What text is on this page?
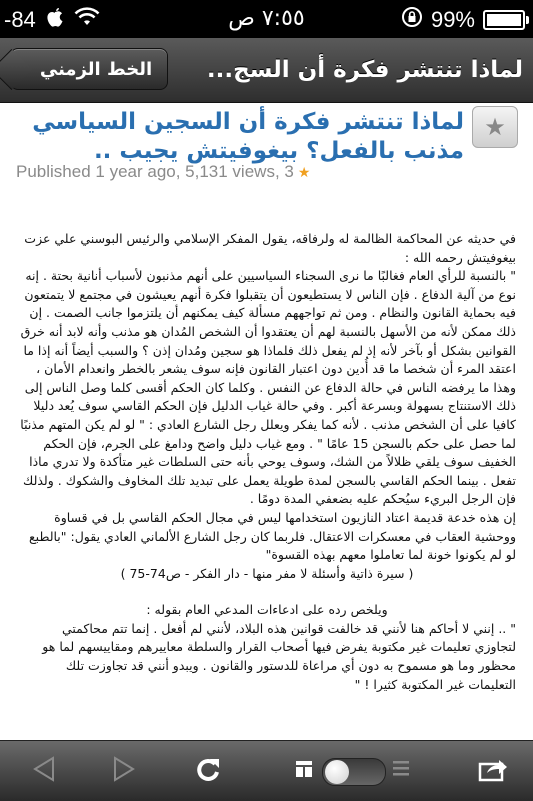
-84	٧:٥٥ ص	99%
الخط الزمني	لماذا تنتشر فكرة أن السج...
لماذا تنتشر فكرة أن السجين السياسي مذنب بالفعل؟ بيغوفيتش يجيب ..
★
Published 1 year ago, 5,131 views, 3 ★

في حديثه عن المحاكمة الظالمة له ولرفاقه، يقول المفكر الإسلامي والرئيس البوسني علي عزت بيغوفيتش رحمه الله :

" بالنسبة للرأي العام فغالبًا ما نرى السجناء السياسيين على أنهم مذنبون لأسباب أنانية بحتة . إنه نوع من آلية الدفاع . فإن الناس لا يستطيعون أن يتقبلوا فكرة أنهم يعيشون في مجتمع لا يتمتعون فيه بحماية القانون والنظام . ومن ثم تواجههم مسألة كيف يمكنهم أن يلتزموا جانب الصمت . إن ذلك ممكن لأنه من الأسهل بالنسبة لهم أن يعتقدوا أن الشخص المُدان هو مذنب وأنه لابد أنه خرق القوانين بشكل أو بآخر لأنه إذ لم يفعل ذلك فلماذا هو سجين ومُدان إذن ؟ والسبب أيضاً أنه إذا ما اعتقد المرء أن شخصا ما قد أُدين دون اعتبار القانون فإنه سوف يشعر بالخطر وانعدام الأمان ، وهذا ما يرفضه الناس في حالة الدفاع عن النفس . وكلما كان الحكم أقسى كلما وصل الناس إلى ذلك الاستنتاج بسهولة وبسرعة أكبر . وفي حالة غياب الدليل فإن الحكم القاسي سوف يُعد دليلا كافيا على أن الشخص مذنب . لأنه كما يفكر ويعلل رجل الشارع العادي : " لو لم يكن المتهم مذنبًا لما حصل على حكم بالسجن 15 عامًا " . ومع غياب دليل واضح ودامغ على الجرم، فإن الحكم الخفيف سوف يلقي ظلالاً من الشك، وسوف يوحي بأنه حتى السلطات غير متأكدة ولا تدري ماذا تفعل . بينما الحكم القاسي بالسجن لمدة طويلة يعمل على تبديد تلك المخاوف والشكوك . ولذلك فإن الرجل البريء سيُحكم عليه بضعفي المدة دومًا .

إن هذه خدعة قديمة اعتاد النازيون استخدامها ليس في مجال الحكم القاسي بل في قساوة ووحشية العقاب في معسكرات الاعتقال. فلربما كان رجل الشارع الألماني العادي يقول: "بالطبع لو لم يكونوا خونة لما تعاملوا معهم بهذه القسوة"

( سيرة ذاتية وأسئلة لا مفر منها - دار الفكر - ص74-75 )

ويلخص رده على ادعاءات المدعي العام بقوله :

" .. إنني لا أحاكم هنا لأنني قد خالفت قوانين هذه البلاد، لأنني لم أفعل . إنما تتم محاكمتي لتجاوزي تعليمات غير مكتوبة يفرض فيها أصحاب القرار والسلطة معاييرهم ومقاييسهم لما هو محظور وما هو مسموح به دون أي مراعاة للدستور والقانون . ويبدو أنني قد تجاوزت تلك التعليمات غير المكتوبة كثيرا ! "
